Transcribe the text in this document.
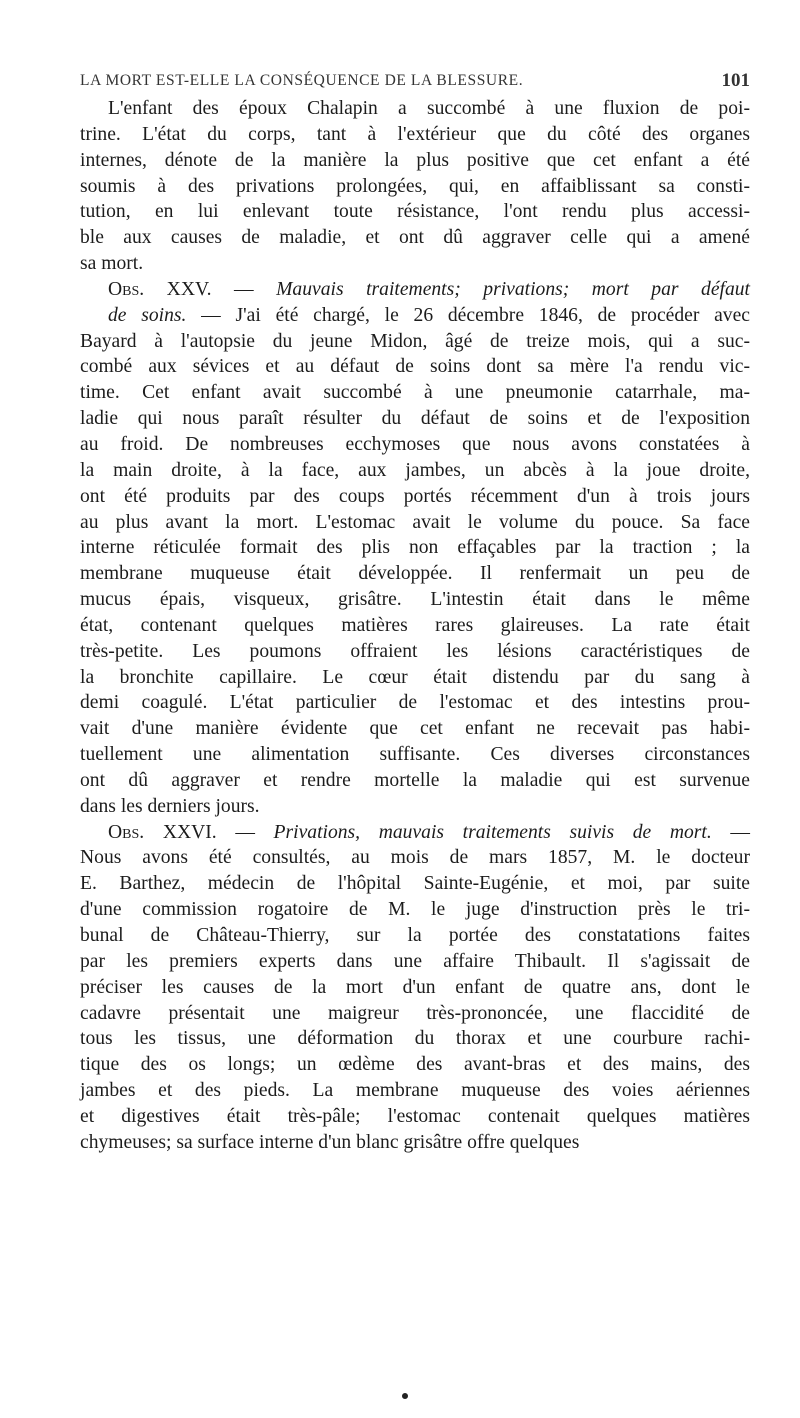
LA MORT EST-ELLE LA CONSÉQUENCE DE LA BLESSURE.	101
L'enfant des époux Chalapin a succombé à une fluxion de poi-
trine. L'état du corps, tant à l'extérieur que du côté des organes
internes, dénote de la manière la plus positive que cet enfant a été
soumis à des privations prolongées, qui, en affaiblissant sa consti-
tution, en lui enlevant toute résistance, l'ont rendu plus accessi-
ble aux causes de maladie, et ont dû aggraver celle qui a amené
sa mort.
Obs. XXV. — Mauvais traitements; privations; mort par défaut
de soins. — J'ai été chargé, le 26 décembre 1846, de procéder avec
Bayard à l'autopsie du jeune Midon, âgé de treize mois, qui a suc-
combé aux sévices et au défaut de soins dont sa mère l'a rendu vic-
time. Cet enfant avait succombé à une pneumonie catarrhale, ma-
ladie qui nous paraît résulter du défaut de soins et de l'exposition
au froid. De nombreuses ecchymoses que nous avons constatées à
la main droite, à la face, aux jambes, un abcès à la joue droite,
ont été produits par des coups portés récemment d'un à trois jours
au plus avant la mort. L'estomac avait le volume du pouce. Sa face
interne réticulée formait des plis non effaçables par la traction ; la
membrane muqueuse était développée. Il renfermait un peu de
mucus épais, visqueux, grisâtre. L'intestin était dans le même
état, contenant quelques matières rares glaireuses. La rate était
très-petite. Les poumons offraient les lésions caractéristiques de
la bronchite capillaire. Le cœur était distendu par du sang à
demi coagulé. L'état particulier de l'estomac et des intestins prou-
vait d'une manière évidente que cet enfant ne recevait pas habi-
tuellement une alimentation suffisante. Ces diverses circonstances
ont dû aggraver et rendre mortelle la maladie qui est survenue
dans les derniers jours.
Obs. XXVI. — Privations, mauvais traitements suivis de mort. —
Nous avons été consultés, au mois de mars 1857, M. le docteur
E. Barthez, médecin de l'hôpital Sainte-Eugénie, et moi, par suite
d'une commission rogatoire de M. le juge d'instruction près le tri-
bunal de Château-Thierry, sur la portée des constatations faites
par les premiers experts dans une affaire Thibault. Il s'agissait de
préciser les causes de la mort d'un enfant de quatre ans, dont le
cadavre présentait une maigreur très-prononcée, une flaccidité de
tous les tissus, une déformation du thorax et une courbure rachi-
tique des os longs; un œdème des avant-bras et des mains, des
jambes et des pieds. La membrane muqueuse des voies aériennes
et digestives était très-pâle; l'estomac contenait quelques matières
chymeuses; sa surface interne d'un blanc grisâtre offre quelques
